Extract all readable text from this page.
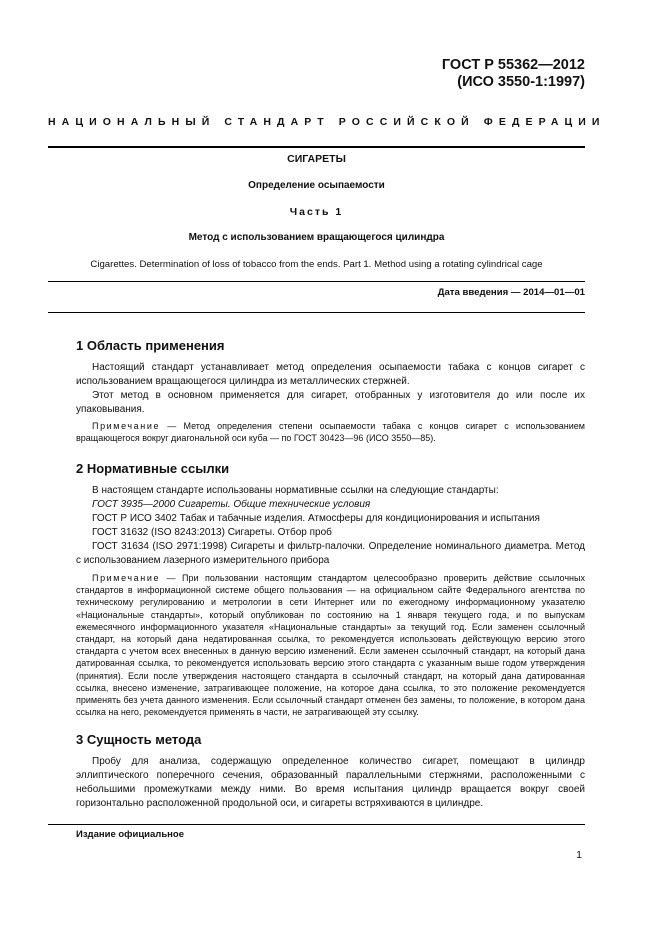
ГОСТ Р 55362—2012
(ИСО 3550-1:1997)
НАЦИОНАЛЬНЫЙ СТАНДАРТ РОССИЙСКОЙ ФЕДЕРАЦИИ
СИГАРЕТЫ
Определение осыпаемости
Часть 1
Метод с использованием вращающегося цилиндра
Cigarettes. Determination of loss of tobacco from the ends. Part 1. Method using a rotating cylindrical cage
Дата введения — 2014—01—01
1 Область применения

Настоящий стандарт устанавливает метод определения осыпаемости табака с концов сигарет с использованием вращающегося цилиндра из металлических стержней.

Этот метод в основном применяется для сигарет, отобранных у изготовителя до или после их упаковывания.

Примечание — Метод определения степени осыпаемости табака с концов сигарет с использованием вращающегося вокруг диагональной оси куба — по ГОСТ 30423—96 (ИСО 3550—85).

2 Нормативные ссылки
В настоящем стандарте использованы нормативные ссылки на следующие стандарты:
ГОСТ 3935—2000 Сигареты. Общие технические условия
ГОСТ Р ИСО 3402 Табак и табачные изделия. Атмосферы для кондиционирования и испытания
ГОСТ 31632 (ISO 8243:2013) Сигареты. Отбор проб
ГОСТ 31634 (ISO 2971:1998) Сигареты и фильтр-палочки. Определение номинального диаметра. Метод с использованием лазерного измерительного прибора

Примечание — При пользовании настоящим стандартом целесообразно проверить действие ссылочных стандартов в информационной системе общего пользования — на официальном сайте Федерального агентства по техническому регулированию и метрологии в сети Интернет или по ежегодному информационному указателю «Национальные стандарты», который опубликован по состоянию на 1 января текущего года, и по выпускам ежемесячного информационного указателя «Национальные стандарты» за текущий год. Если заменен ссылочный стандарт, на который дана недатированная ссылка, то рекомендуется использовать действующую версию этого стандарта с учетом всех внесенных в данную версию изменений. Если заменен ссылочный стандарт, на который дана датированная ссылка, то рекомендуется использовать версию этого стандарта с указанным выше годом утверждения (принятия). Если после утверждения настоящего стандарта в ссылочный стандарт, на который дана датированная ссылка, внесено изменение, затрагивающее положение, на которое дана ссылка, то это положение рекомендуется применять без учета данного изменения. Если ссылочный стандарт отменен без замены, то положение, в котором дана ссылка на него, рекомендуется применять в части, не затрагивающей эту ссылку.

3 Сущность метода

Пробу для анализа, содержащую определенное количество сигарет, помещают в цилиндр эллиптического поперечного сечения, образованный параллельными стержнями, расположенными с небольшими промежутками между ними. Во время испытания цилиндр вращается вокруг своей горизонтально расположенной продольной оси, и сигареты встряхиваются в цилиндре.

Издание официальное
1
